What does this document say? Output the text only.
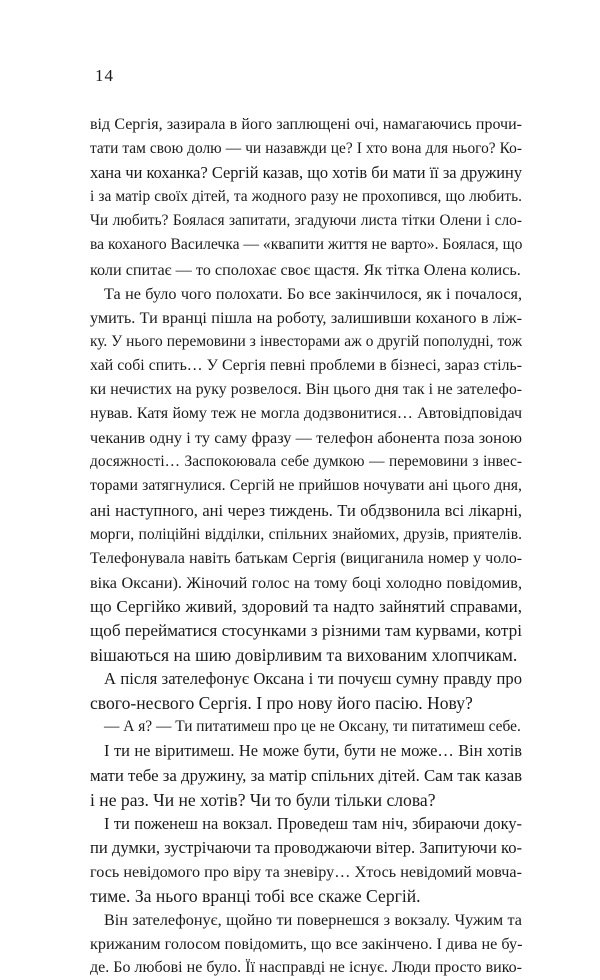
14
від Сергія, зазирала в його заплющені очі, намагаючись прочи-
тати там свою долю — чи назавжди це? І хто вона для нього? Ко-
хана чи коханка? Сергій казав, що хотів би мати її за дружину
і за матір своїх дітей, та жодного разу не прохопився, що любить.
Чи любить? Боялася запитати, згадуючи листа тітки Олени і сло-
ва коханого Василечка — «квапити життя не варто». Боялася, що
коли спитає — то сполохає своє щастя. Як тітка Олена колись.
Та не було чого полохати. Бо все закінчилося, як і почалося,
умить. Ти вранці пішла на роботу, залишивши коханого в ліж-
ку. У нього перемовини з інвесторами аж о другій пополудні, тож
хай собі спить… У Сергія певні проблеми в бізнесі, зараз стіль-
ки нечистих на руку розвелося. Він цього дня так і не зателефо-
нував. Катя йому теж не могла додзвонитися… Автовідповідач
чеканив одну і ту саму фразу — телефон абонента поза зоною
досяжності… Заспокоювала себе думкою — перемовини з інвес-
торами затягнулися. Сергій не прийшов ночувати ані цього дня,
ані наступного, ані через тиждень. Ти обдзвонила всі лікарні,
морги, поліційні відділки, спільних знайомих, друзів, приятелів.
Телефонувала навіть батькам Сергія (вициганила номер у чоло-
віка Оксани). Жіночий голос на тому боці холодно повідомив,
що Сергійко живий, здоровий та надто зайнятий справами,
щоб перейматися стосунками з різними там курвами, котрі
вішаються на шию довірливим та вихованим хлопчикам.
А після зателефонує Оксана і ти почуєш сумну правду про
свого-несвого Сергія. І про нову його пасію. Нову?
— А я? — Ти питатимеш про це не Оксану, ти питатимеш себе.
І ти не віритимеш. Не може бути, бути не може… Він хотів
мати тебе за дружину, за матір спільних дітей. Сам так казав
і не раз. Чи не хотів? Чи то були тільки слова?
І ти поженеш на вокзал. Проведеш там ніч, збираючи доку-
пи думки, зустрічаючи та проводжаючи вітер. Запитуючи ко-
гось невідомого про віру та зневіру… Хтось невідомий мовча-
тиме. За нього вранці тобі все скаже Сергій.
Він зателефонує, щойно ти повернешся з вокзалу. Чужим та
крижаним голосом повідомить, що все закінчено. І дива не бу-
де. Бо любові не було. Її насправді не існує. Люди просто вико-
